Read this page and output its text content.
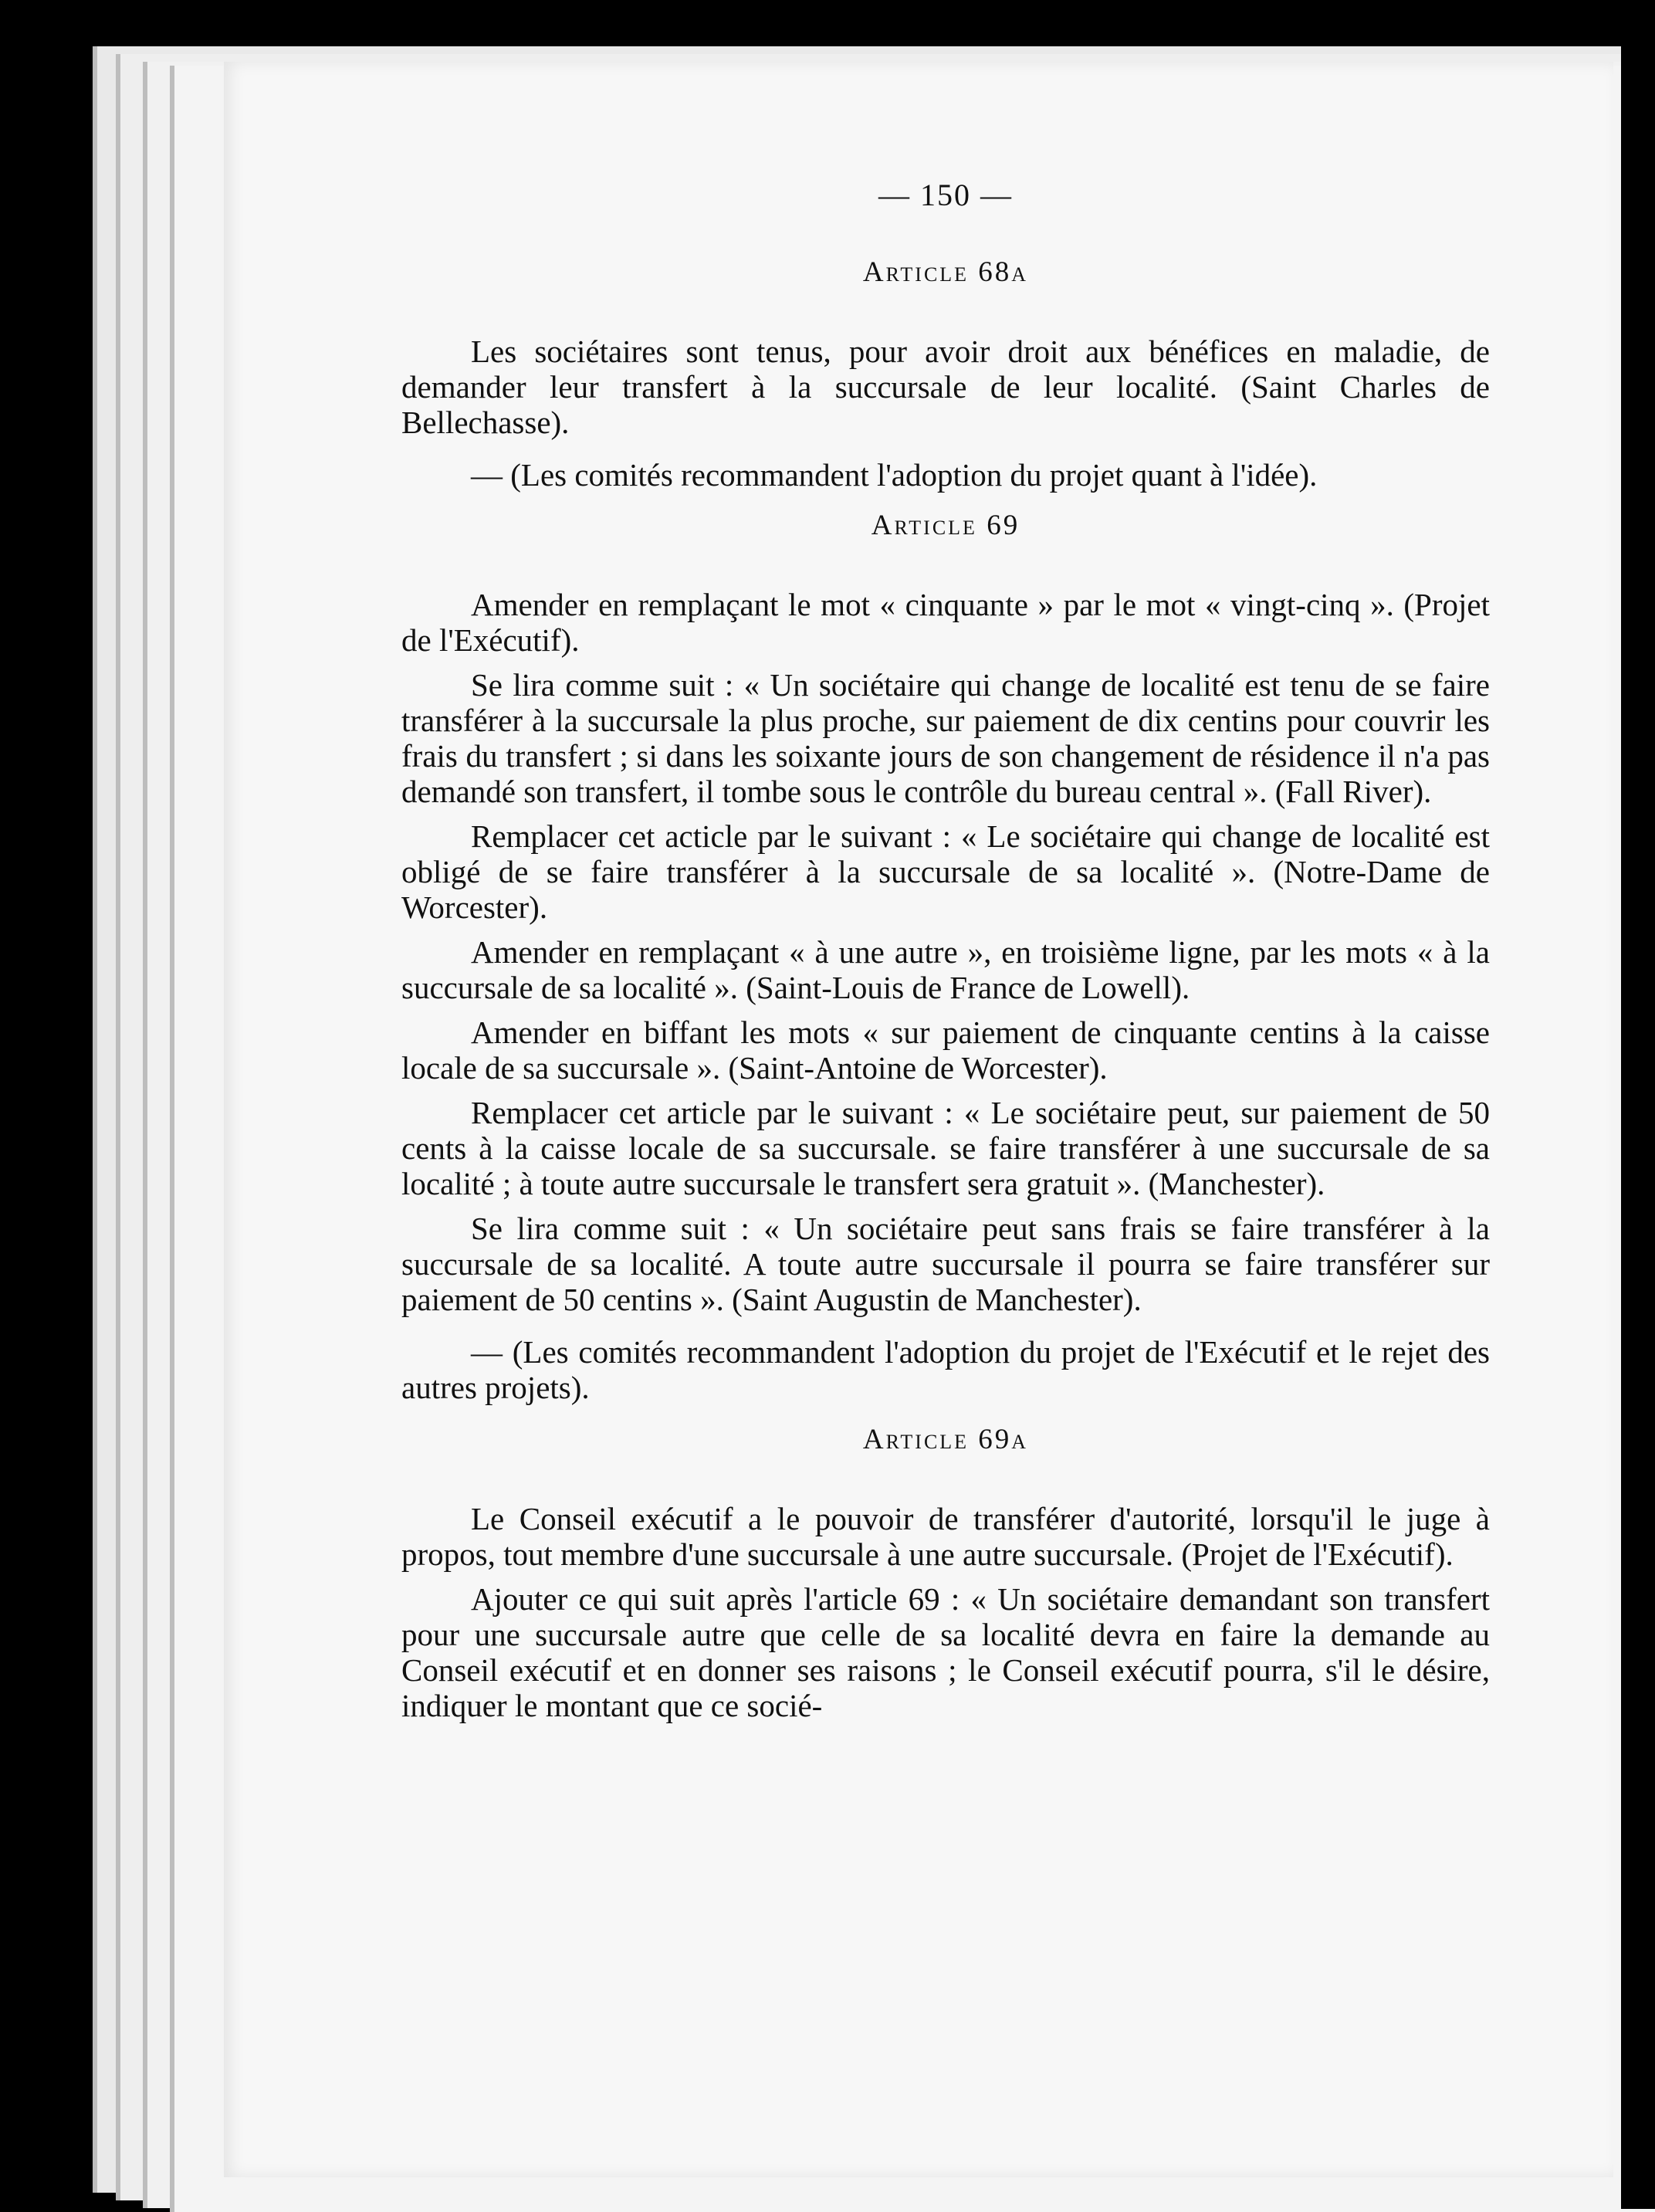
— 150 —
Article 68a

Les sociétaires sont tenus, pour avoir droit aux bénéfices en maladie, de demander leur transfert à la succursale de leur localité. (Saint Charles de Bellechasse).

— (Les comités recommandent l'adoption du projet quant à l'idée).

Article 69

Amender en remplaçant le mot « cinquante » par le mot « vingt-cinq ». (Projet de l'Exécutif).

Se lira comme suit : « Un sociétaire qui change de localité est tenu de se faire transférer à la succursale la plus proche, sur paiement de dix centins pour couvrir les frais du transfert ; si dans les soixante jours de son changement de résidence il n'a pas demandé son transfert, il tombe sous le contrôle du bureau central ». (Fall River).

Remplacer cet acticle par le suivant : « Le sociétaire qui change de localité est obligé de se faire transférer à la succursale de sa localité ». (Notre-Dame de Worcester).

Amender en remplaçant « à une autre », en troisième ligne, par les mots « à la succursale de sa localité ». (Saint-Louis de France de Lowell).

Amender en biffant les mots « sur paiement de cinquante centins à la caisse locale de sa succursale ». (Saint-Antoine de Worcester).

Remplacer cet article par le suivant : « Le sociétaire peut, sur paiement de 50 cents à la caisse locale de sa succursale. se faire transférer à une succursale de sa localité ; à toute autre succursale le transfert sera gratuit ». (Manchester).

Se lira comme suit : « Un sociétaire peut sans frais se faire transférer à la succursale de sa localité. A toute autre succursale il pourra se faire transférer sur paiement de 50 centins ». (Saint Augustin de Manchester).

— (Les comités recommandent l'adoption du projet de l'Exécutif et le rejet des autres projets).

Article 69a

Le Conseil exécutif a le pouvoir de transférer d'autorité, lorsqu'il le juge à propos, tout membre d'une succursale à une autre succursale. (Projet de l'Exécutif).

Ajouter ce qui suit après l'article 69 : « Un sociétaire demandant son transfert pour une succursale autre que celle de sa localité devra en faire la demande au Conseil exécutif et en donner ses raisons ; le Conseil exécutif pourra, s'il le désire, indiquer le montant que ce socié-
